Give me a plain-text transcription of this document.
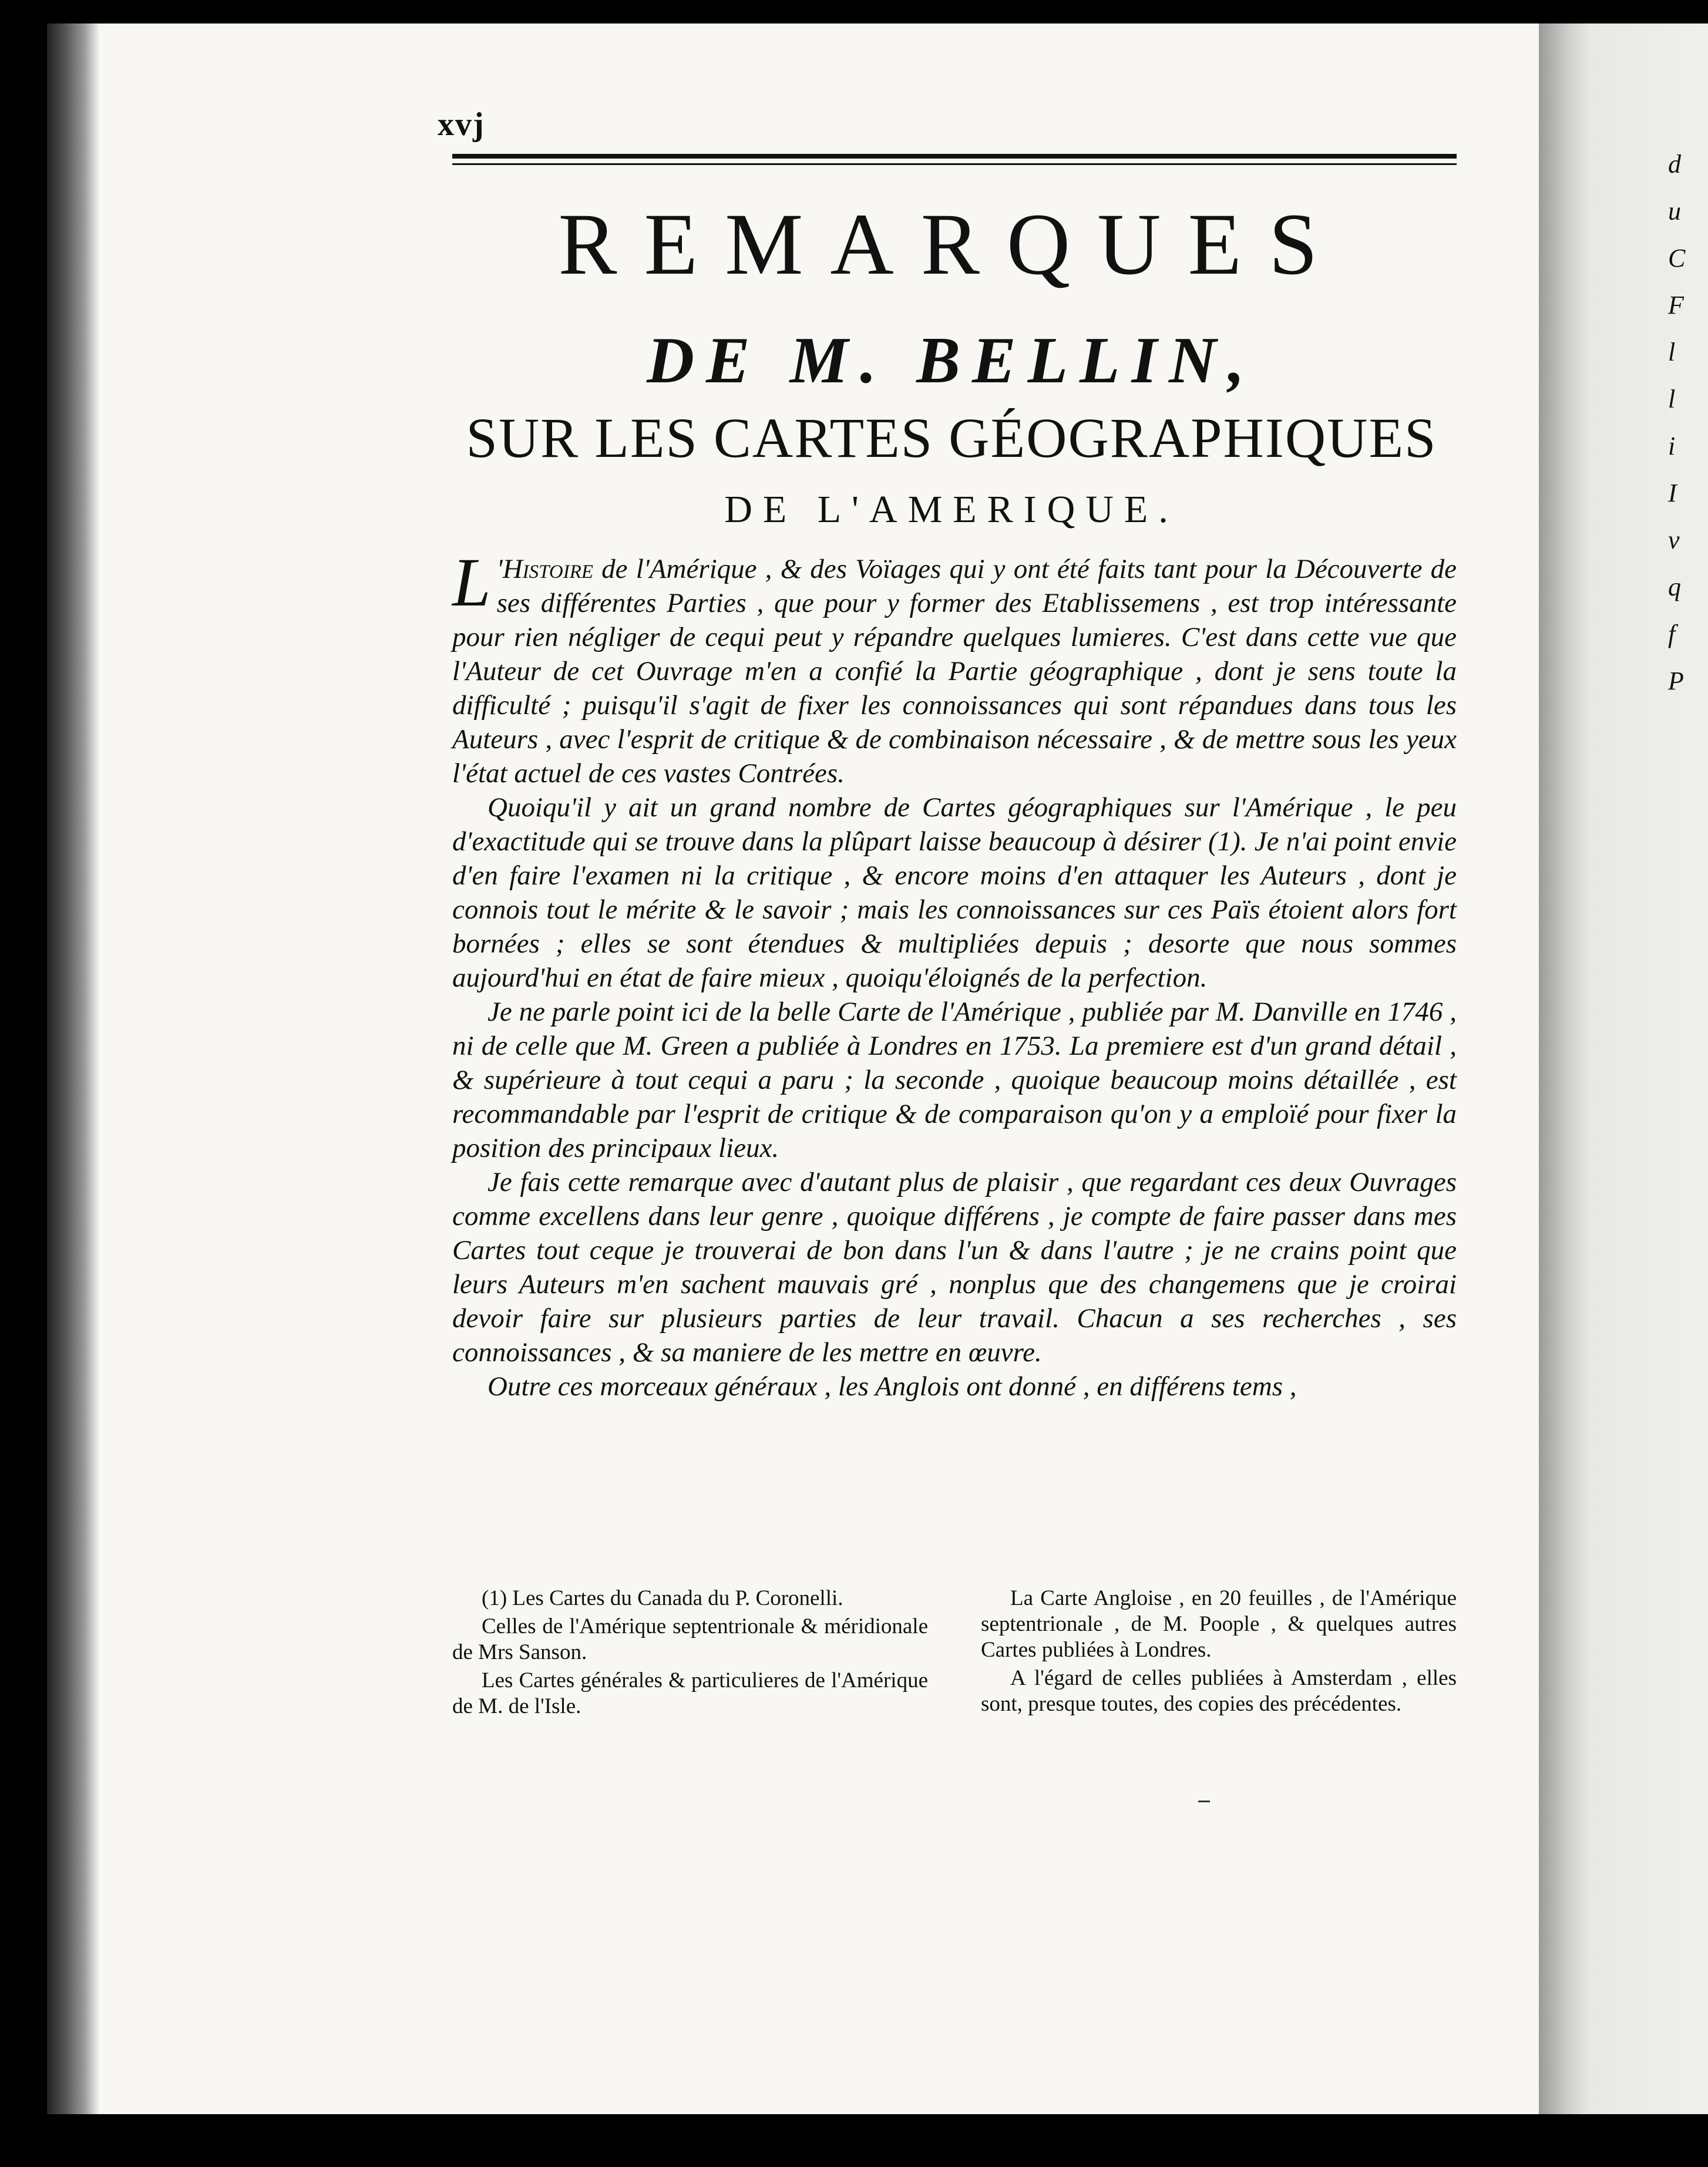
d
u
C
F
l
l
i
I
v
q
f
P
xvj
REMARQUES
DE M. BELLIN,
SUR LES CARTES GÉOGRAPHIQUES
DE L'AMERIQUE.

L 'Histoire de l'Amérique , & des Voïages qui y ont été faits tant pour la Découverte de ses différentes Parties , que pour y former des Etablissemens , est trop intéressante pour rien négliger de cequi peut y répandre quelques lumieres. C'est dans cette vue que l'Auteur de cet Ouvrage m'en a confié la Partie géographique , dont je sens toute la difficulté ; puisqu'il s'agit de fixer les connoissances qui sont répandues dans tous les Auteurs , avec l'esprit de critique & de combinaison nécessaire , & de mettre sous les yeux l'état actuel de ces vastes Contrées.

Quoiqu'il y ait un grand nombre de Cartes géographiques sur l'Amérique , le peu d'exactitude qui se trouve dans la plûpart laisse beaucoup à désirer (1). Je n'ai point envie d'en faire l'examen ni la critique , & encore moins d'en attaquer les Auteurs , dont je connois tout le mérite & le savoir ; mais les connoissances sur ces Païs étoient alors fort bornées ; elles se sont étendues & multipliées depuis ; desorte que nous sommes aujourd'hui en état de faire mieux , quoiqu'éloignés de la perfection.

Je ne parle point ici de la belle Carte de l'Amérique , publiée par M. Danville en 1746 , ni de celle que M. Green a publiée à Londres en 1753. La premiere est d'un grand détail , & supérieure à tout cequi a paru ; la seconde , quoique beaucoup moins détaillée , est recommandable par l'esprit de critique & de comparaison qu'on y a emploïé pour fixer la position des principaux lieux.

Je fais cette remarque avec d'autant plus de plaisir , que regardant ces deux Ouvrages comme excellens dans leur genre , quoique différens , je compte de faire passer dans mes Cartes tout ceque je trouverai de bon dans l'un & dans l'autre ; je ne crains point que leurs Auteurs m'en sachent mauvais gré , nonplus que des changemens que je croirai devoir faire sur plusieurs parties de leur travail. Chacun a ses recherches , ses connoissances , & sa maniere de les mettre en œuvre.

Outre ces morceaux généraux , les Anglois ont donné , en différens tems ,

(1) Les Cartes du Canada du P. Coronelli.

Celles de l'Amérique septentrionale & méridionale de Mrs Sanson.

Les Cartes générales & particulieres de l'Amérique de M. de l'Isle.

La Carte Angloise , en 20 feuilles , de l'Amérique septentrionale , de M. Poople , & quelques autres Cartes publiées à Londres.

A l'égard de celles publiées à Amsterdam , elles sont, presque toutes, des copies des précédentes.
